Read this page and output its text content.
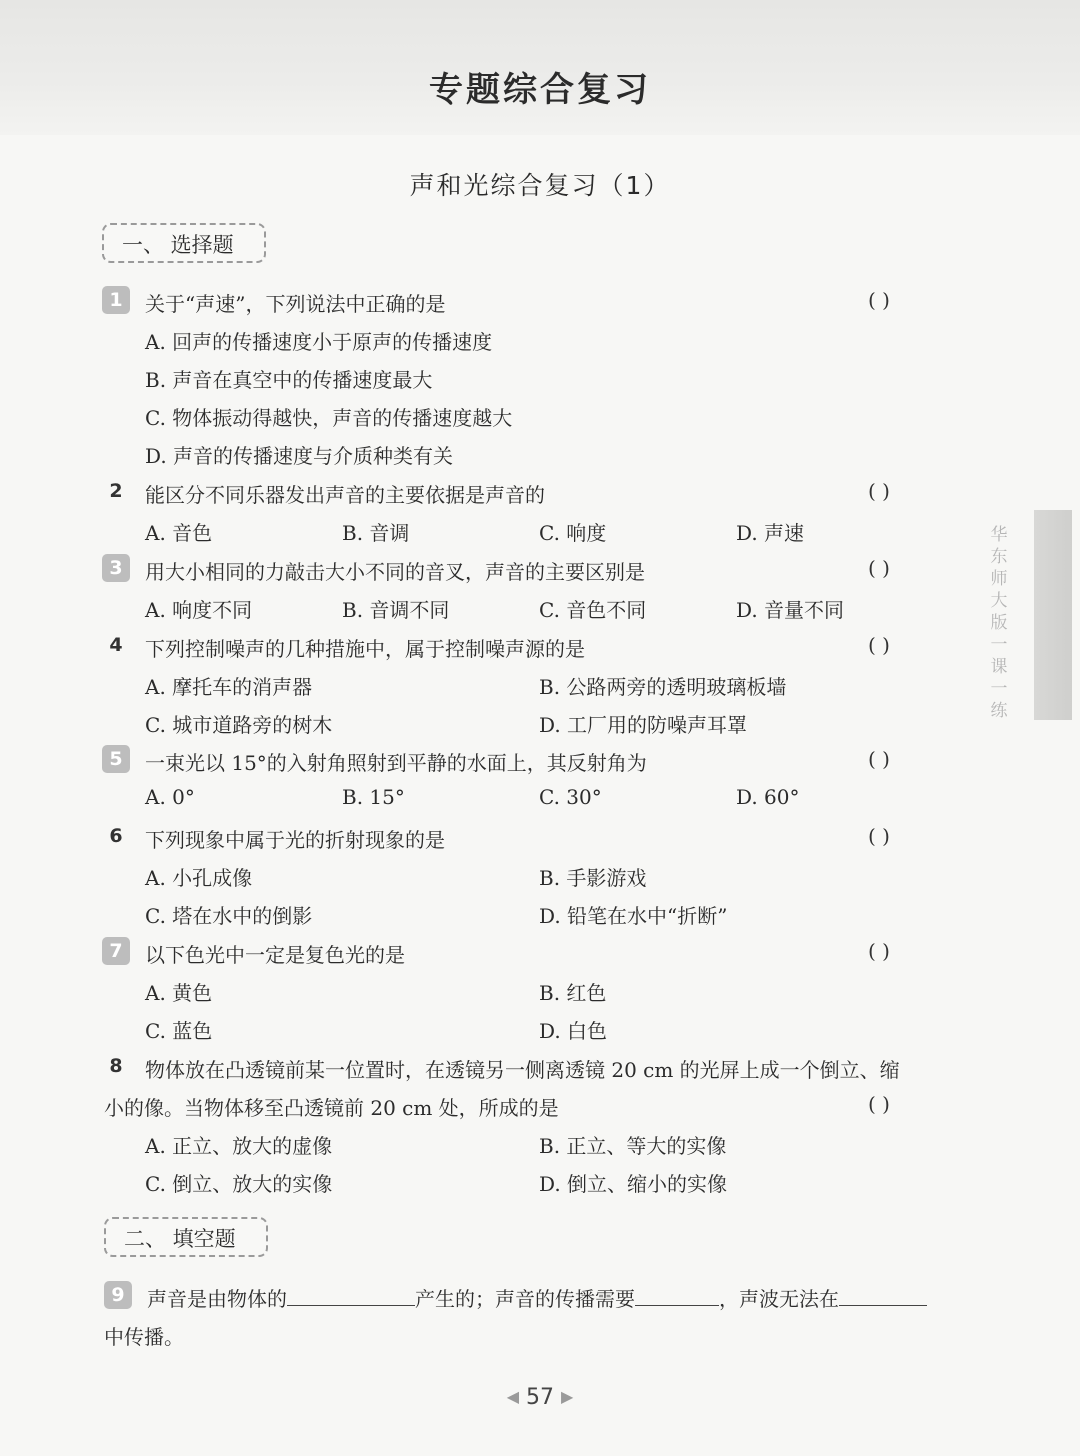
专题综合复习
声和光综合复习（1）
华东师大版一课一练
一、 选择题
1	关于“声速”，下列说法中正确的是	( )
A. 回声的传播速度小于原声的传播速度
B. 声音在真空中的传播速度最大
C. 物体振动得越快，声音的传播速度越大
D. 声音的传播速度与介质种类有关
2	能区分不同乐器发出声音的主要依据是声音的	( )
A. 音色	B. 音调	C. 响度	D. 声速
3	用大小相同的力敲击大小不同的音叉，声音的主要区别是	( )
A. 响度不同	B. 音调不同	C. 音色不同	D. 音量不同
4	下列控制噪声的几种措施中，属于控制噪声源的是	( )
A. 摩托车的消声器	B. 公路两旁的透明玻璃板墙
C. 城市道路旁的树木	D. 工厂用的防噪声耳罩
5	一束光以 15°的入射角照射到平静的水面上，其反射角为	( )
A. 0°	B. 15°	C. 30°	D. 60°
6	下列现象中属于光的折射现象的是	( )
A. 小孔成像	B. 手影游戏
C. 塔在水中的倒影	D. 铅笔在水中“折断”
7	以下色光中一定是复色光的是	( )
A. 黄色	B. 红色
C. 蓝色	D. 白色
8	物体放在凸透镜前某一位置时，在透镜另一侧离透镜 20 cm 的光屏上成一个倒立、缩
小的像。当物体移至凸透镜前 20 cm 处，所成的是	( )
A. 正立、放大的虚像	B. 正立、等大的实像
C. 倒立、放大的实像	D. 倒立、缩小的实像
二、 填空题
9	声音是由物体的	产生的；声音的传播需要	，声波无法在
中传播。
◀ 57 ▶
